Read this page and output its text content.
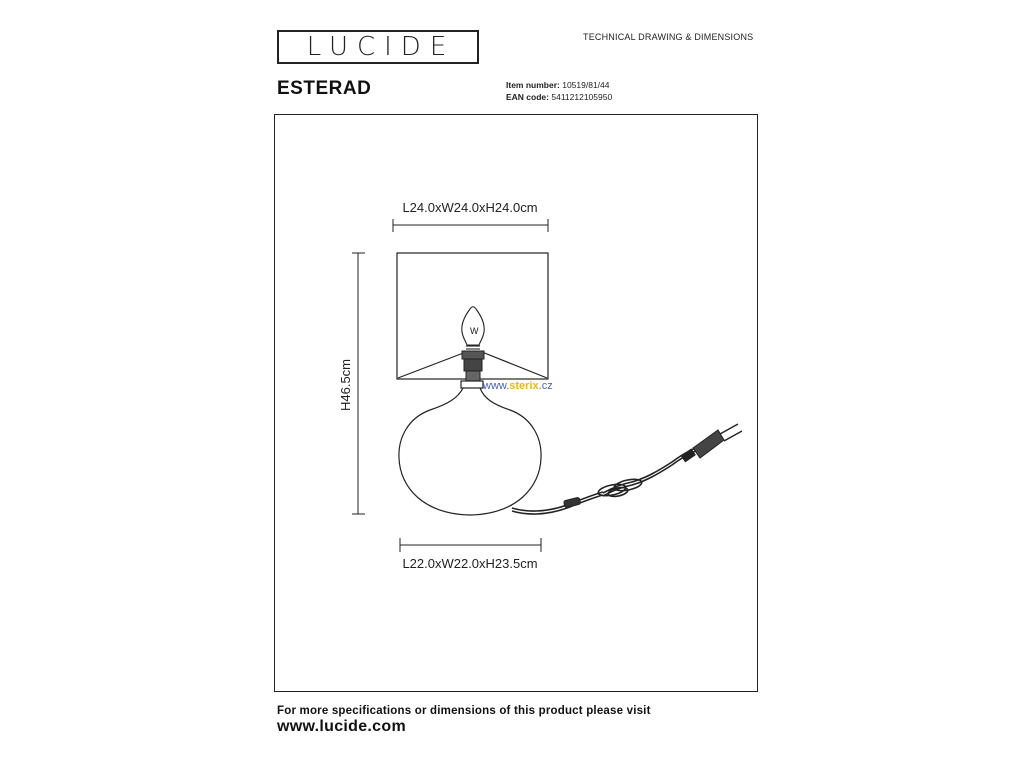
LUCIDE	TECHNICAL DRAWING & DIMENSIONS
ESTERAD	Item number: 10519/81/44
EAN code: 5411212105950
W
www.sterix.cz
L24.0xW24.0xH24.0cm
H46.5cm
L22.0xW22.0xH23.5cm
For more specifications or dimensions of this product please visit
www.lucide.com
